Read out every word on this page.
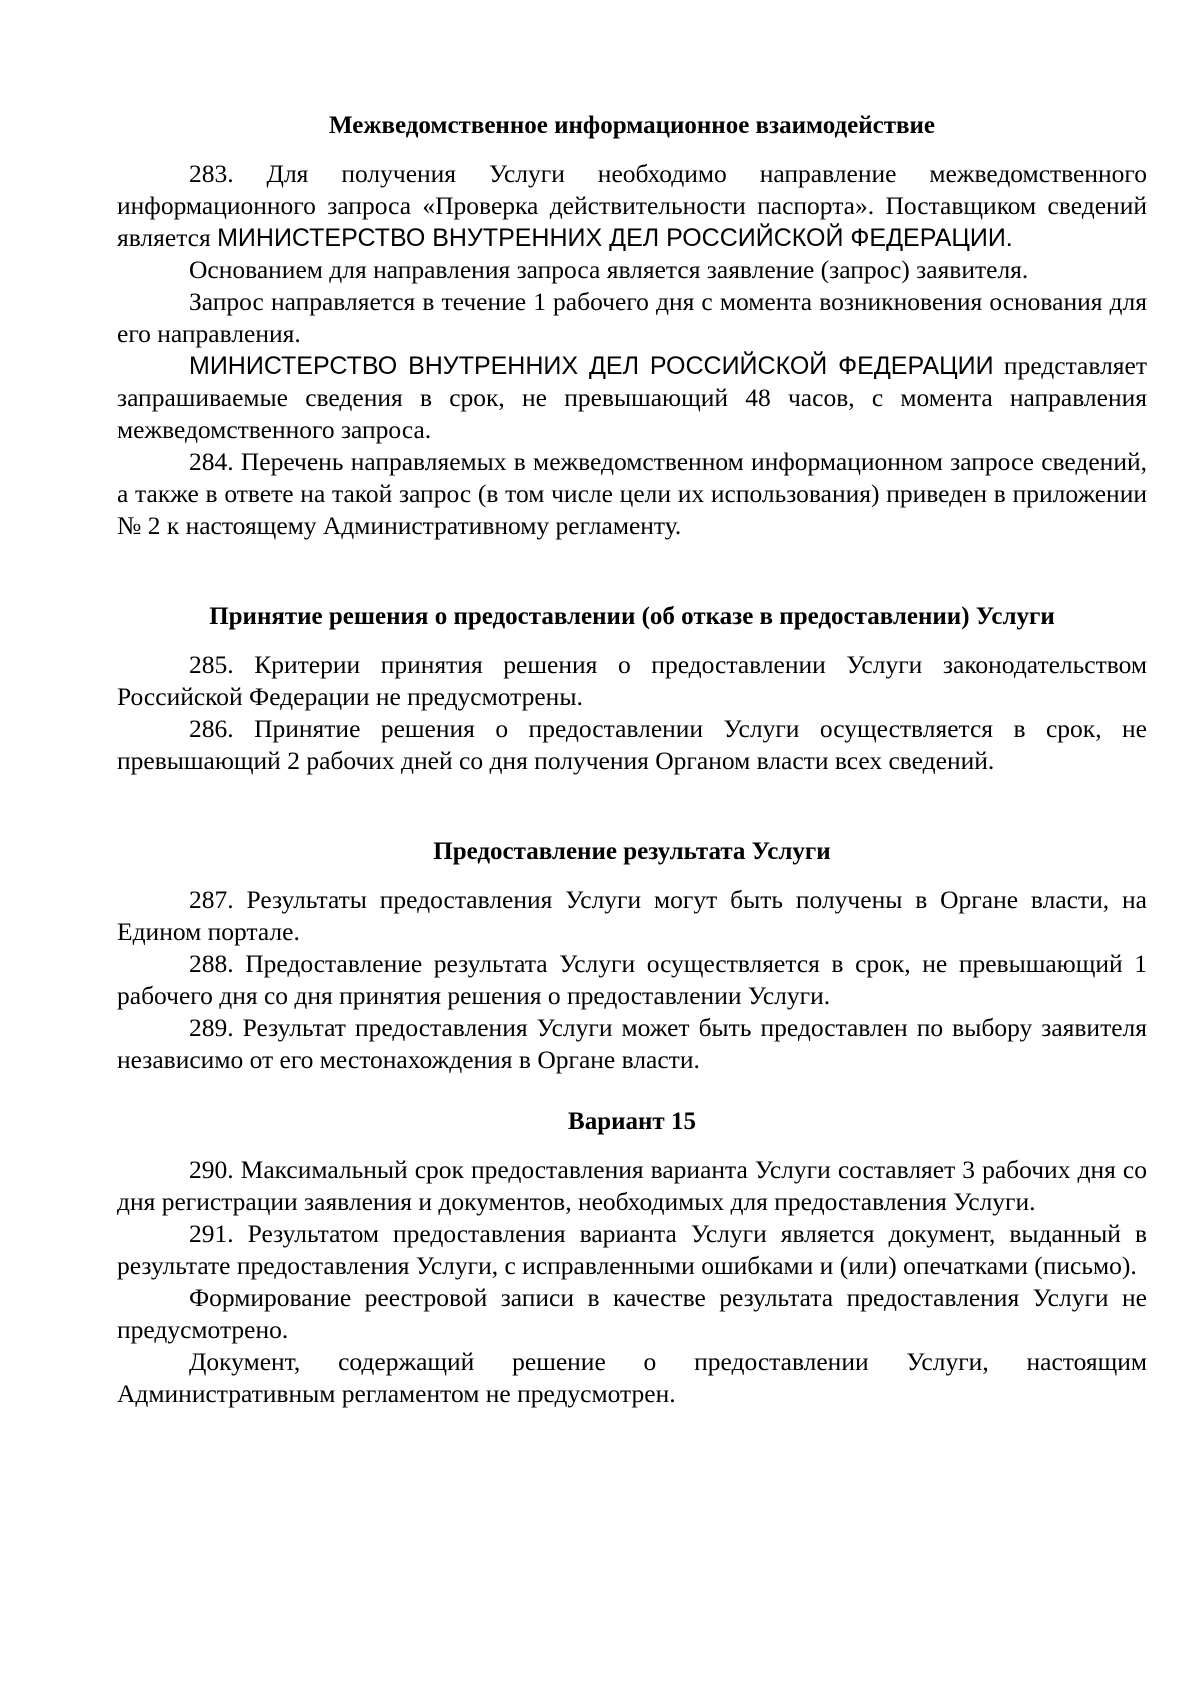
Межведомственное информационное взаимодействие

283. Для получения Услуги необходимо направление межведомственного информационного запроса «Проверка действительности паспорта». Поставщиком сведений является МИНИСТЕРСТВО ВНУТРЕННИХ ДЕЛ РОССИЙСКОЙ ФЕДЕРАЦИИ.

Основанием для направления запроса является заявление (запрос) заявителя.

Запрос направляется в течение 1 рабочего дня с момента возникновения основания для его направления.

МИНИСТЕРСТВО ВНУТРЕННИХ ДЕЛ РОССИЙСКОЙ ФЕДЕРАЦИИ представляет запрашиваемые сведения в срок, не превышающий 48 часов, с момента направления межведомственного запроса.

284. Перечень направляемых в межведомственном информационном запросе сведений, а также в ответе на такой запрос (в том числе цели их использования) приведен в приложении № 2 к настоящему Административному регламенту.

Принятие решения о предоставлении (об отказе в предоставлении) Услуги

285. Критерии принятия решения о предоставлении Услуги законодательством Российской Федерации не предусмотрены.

286. Принятие решения о предоставлении Услуги осуществляется в срок, не превышающий 2 рабочих дней со дня получения Органом власти всех сведений.

Предоставление результата Услуги

287. Результаты предоставления Услуги могут быть получены в Органе власти, на Едином портале.

288. Предоставление результата Услуги осуществляется в срок, не превышающий 1 рабочего дня со дня принятия решения о предоставлении Услуги.

289. Результат предоставления Услуги может быть предоставлен по выбору заявителя независимо от его местонахождения в Органе власти.

Вариант 15

290. Максимальный срок предоставления варианта Услуги составляет 3 рабочих дня со дня регистрации заявления и документов, необходимых для предоставления Услуги.

291. Результатом предоставления варианта Услуги является документ, выданный в результате предоставления Услуги, с исправленными ошибками и (или) опечатками (письмо).

Формирование реестровой записи в качестве результата предоставления Услуги не предусмотрено.

Документ, содержащий решение о предоставлении Услуги, настоящим Административным регламентом не предусмотрен.
